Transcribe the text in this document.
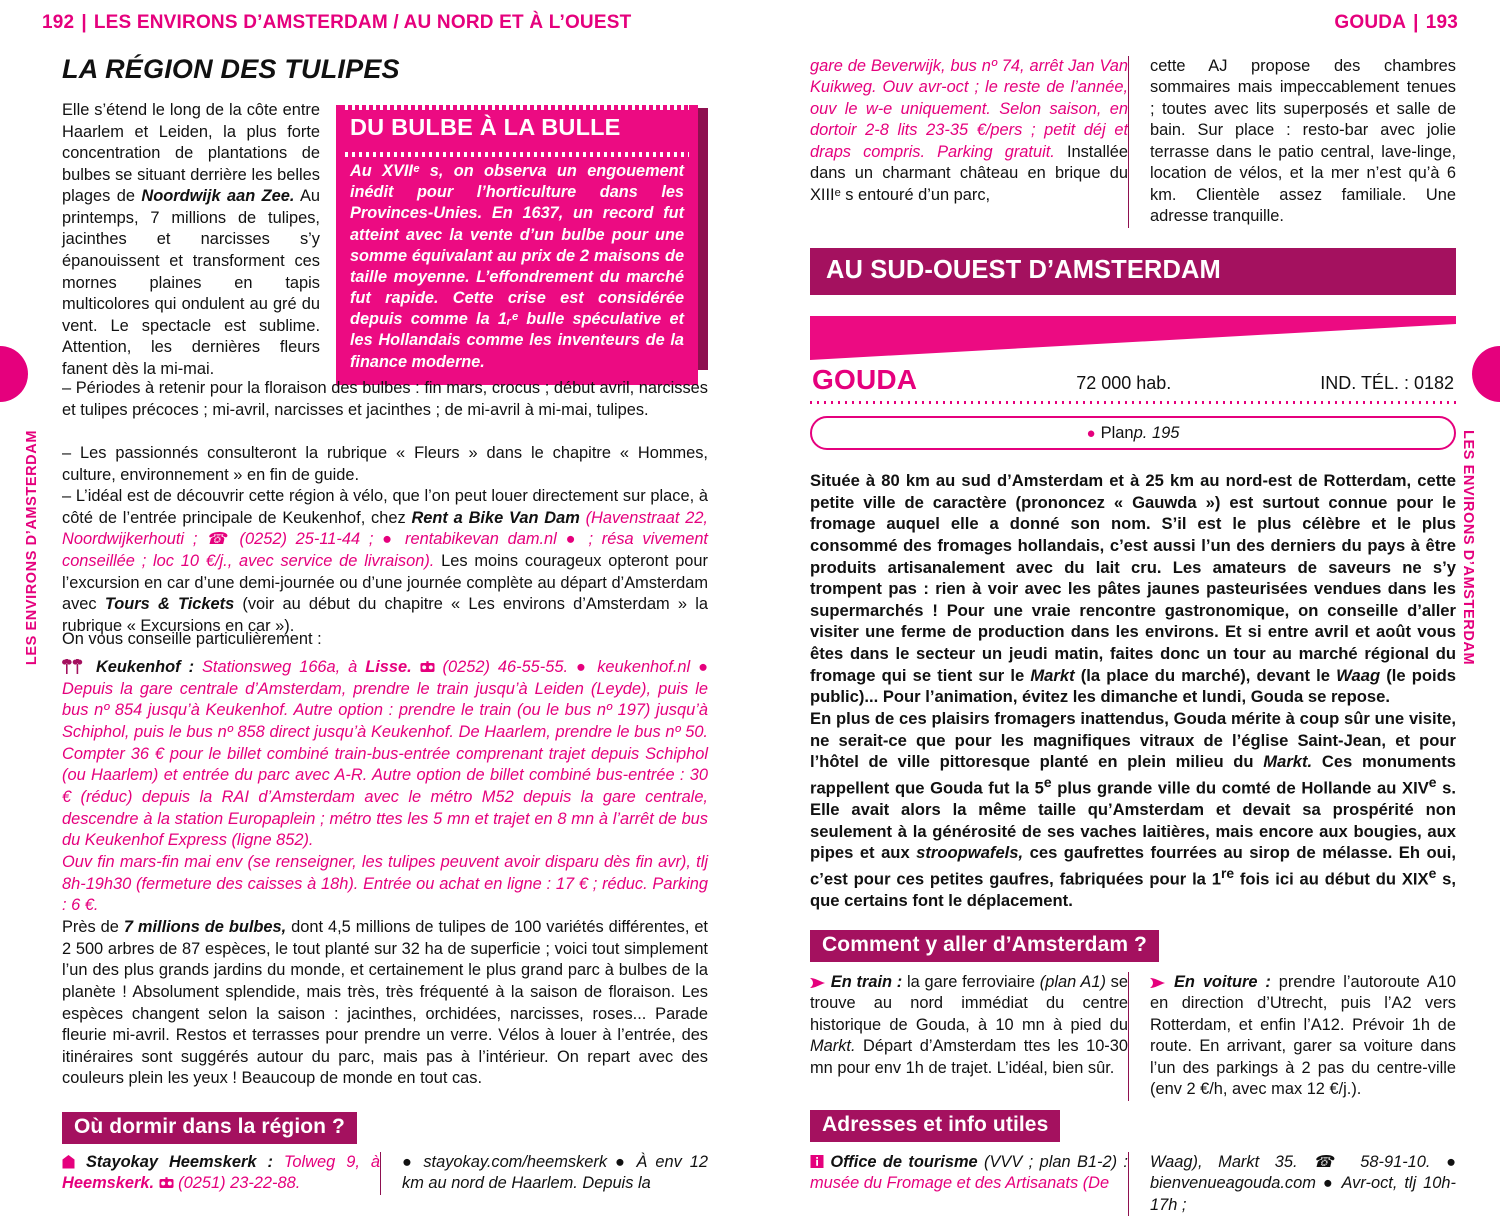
LES ENVIRONS D’AMSTERDAM
192 | LES ENVIRONS D’AMSTERDAM / AU NORD ET À L’OUEST
LA RÉGION DES TULIPES
Elle s’étend le long de la côte entre Haarlem et Leiden, la plus forte concentration de plantations de bulbes se situant derrière les belles plages de Noordwijk aan Zee. Au printemps, 7 millions de tulipes, jacinthes et narcisses s’y épanouissent et transforment ces mornes plaines en tapis multicolores qui ondulent au gré du vent. Le spectacle est sublime. Attention, les dernières fleurs fanent dès la mi-mai.
DU BULBE À LA BULLE
Au XVIIᵉ s, on observa un engouement inédit pour l’horticulture dans les Provinces-Unies. En 1637, un record fut atteint avec la vente d’un bulbe pour une somme équivalant au prix de 2 maisons de taille moyenne. L’effondrement du marché fut rapide. Cette crise est considérée depuis comme la 1ᵣᵉ bulle spéculative et les Hollandais comme les inventeurs de la finance moderne.
– Périodes à retenir pour la floraison des bulbes : fin mars, crocus ; début avril, narcisses et tulipes précoces ; mi-avril, narcisses et jacinthes ; de mi-avril à mi-mai, tulipes.
– Les passionnés consulteront la rubrique « Fleurs » dans le chapitre « Hommes, culture, environnement » en fin de guide.
– L’idéal est de découvrir cette région à vélo, que l’on peut louer directement sur place, à côté de l’entrée principale de Keukenhof, chez Rent a Bike Van Dam (Havenstraat 22, Noordwijkerhouti ; ☎ (0252) 25-11-44 ; ● rentabikevan dam.nl ● ; résa vivement conseillée ; loc 10 €/j., avec service de livraison). Les moins courageux opteront pour l’excursion en car d’une demi-journée ou d’une journée complète au départ d’Amsterdam avec Tours & Tickets (voir au début du chapitre « Les environs d’Amsterdam » la rubrique « Excursions en car »).
On vous conseille particulièrement :
Keukenhof : Stationsweg 166a, à Lisse.  (0252) 46-55-55. ● keukenhof.nl ● Depuis la gare centrale d’Amsterdam, prendre le train jusqu’à Leiden (Leyde), puis le bus nº 854 jusqu’à Keukenhof. Autre option : prendre le train (ou le bus nº 197) jusqu’à Schiphol, puis le bus nº 858 direct jusqu’à Keukenhof. De Haarlem, prendre le bus nº 50. Compter 36 € pour le billet combiné train-bus-entrée comprenant trajet depuis Schiphol (ou Haarlem) et entrée du parc avec A-R. Autre option de billet combiné bus-entrée : 30 € (réduc) depuis la RAI d’Amsterdam avec le métro M52 depuis la gare centrale, descendre à la station Europaplein ; métro ttes les 5 mn et trajet en 8 mn à l’arrêt de bus du Keukenhof Express (ligne 852).
Ouv fin mars-fin mai env (se renseigner, les tulipes peuvent avoir disparu dès fin avr), tlj 8h-19h30 (fermeture des caisses à 18h). Entrée ou achat en ligne : 17 € ; réduc. Parking : 6 €.
Près de 7 millions de bulbes, dont 4,5 millions de tulipes de 100 variétés différentes, et 2 500 arbres de 87 espèces, le tout planté sur 32 ha de superficie ; voici tout simplement l’un des plus grands jardins du monde, et certainement le plus grand parc à bulbes de la planète ! Absolument splendide, mais très, très fréquenté à la saison de floraison. Les espèces changent selon la saison : jacinthes, orchidées, narcisses, roses... Parade fleurie mi-avril. Restos et terrasses pour prendre un verre. Vélos à louer à l’entrée, des itinéraires sont suggérés autour du parc, mais pas à l’intérieur. On repart avec des couleurs plein les yeux ! Beaucoup de monde en tout cas.
Où dormir dans la région ?
Stayokay Heemskerk : Tolweg 9, à Heemskerk.  (0251) 23-22-88.
● stayokay.com/heemskerk ● À env 12 km au nord de Haarlem. Depuis la
LES ENVIRONS D’AMSTERDAM
GOUDA | 193
gare de Beverwijk, bus nº 74, arrêt Jan Van Kuikweg. Ouv avr-oct ; le reste de l’année, ouv le w-e uniquement. Selon saison, en dortoir 2-8 lits 23-35 €/pers ; petit déj et draps compris. Parking gratuit. Installée dans un charmant château en brique du XIIIᵉ s entouré d’un parc,
cette AJ propose des chambres sommaires mais impeccablement tenues ; toutes avec lits superposés et salle de bain. Sur place : resto-bar avec jolie terrasse dans le patio central, lave-linge, location de vélos, et la mer n’est qu’à 6 km. Clientèle assez familiale. Une adresse tranquille.
AU SUD-OUEST D’AMSTERDAM
GOUDA	72 000 hab.	IND. TÉL. : 0182
● Plan p. 195
Située à 80 km au sud d’Amsterdam et à 25 km au nord-est de Rotterdam, cette petite ville de caractère (prononcez « Gauwda ») est surtout connue pour le fromage auquel elle a donné son nom. S’il est le plus célèbre et le plus consommé des fromages hollandais, c’est aussi l’un des derniers du pays à être produits artisanalement avec du lait cru. Les amateurs de saveurs ne s’y trompent pas : rien à voir avec les pâtes jaunes pasteurisées vendues dans les supermarchés ! Pour une vraie rencontre gastronomique, on conseille d’aller visiter une ferme de production dans les environs. Et si entre avril et août vous êtes dans le secteur un jeudi matin, faites donc un tour au marché régional du fromage qui se tient sur le Markt (la place du marché), devant le Waag (le poids public)... Pour l’animation, évitez les dimanche et lundi, Gouda se repose.
En plus de ces plaisirs fromagers inattendus, Gouda mérite à coup sûr une visite, ne serait-ce que pour les magnifiques vitraux de l’église Saint-Jean, et pour l’hôtel de ville pittoresque planté en plein milieu du Markt. Ces monuments rappellent que Gouda fut la 5e plus grande ville du comté de Hollande au XIVe s. Elle avait alors la même taille qu’Amsterdam et devait sa prospérité non seulement à la générosité de ses vaches laitières, mais encore aux bougies, aux pipes et aux stroopwafels, ces gaufrettes fourrées au sirop de mélasse. Eh oui, c’est pour ces petites gaufres, fabriquées pour la 1re fois ici au début du XIXe s, que certains font le déplacement.
Comment y aller d’Amsterdam ?
En train : la gare ferroviaire (plan A1) se trouve au nord immédiat du centre historique de Gouda, à 10 mn à pied du Markt. Départ d’Amsterdam ttes les 10-30 mn pour env 1h de trajet. L’idéal, bien sûr.
En voiture : prendre l’autoroute A10 en direction d’Utrecht, puis l’A2 vers Rotterdam, et enfin l’A12. Prévoir 1h de route. En arrivant, garer sa voiture dans l’un des parkings à 2 pas du centre-ville (env 2 €/h, avec max 12 €/j.).
Adresses et info utiles
Office de tourisme (VVV ; plan B1-2) : musée du Fromage et des Artisanats (De
Waag), Markt 35. ☎ 58-91-10. ● bienvenueagouda.com ● Avr-oct, tlj 10h-17h ;
